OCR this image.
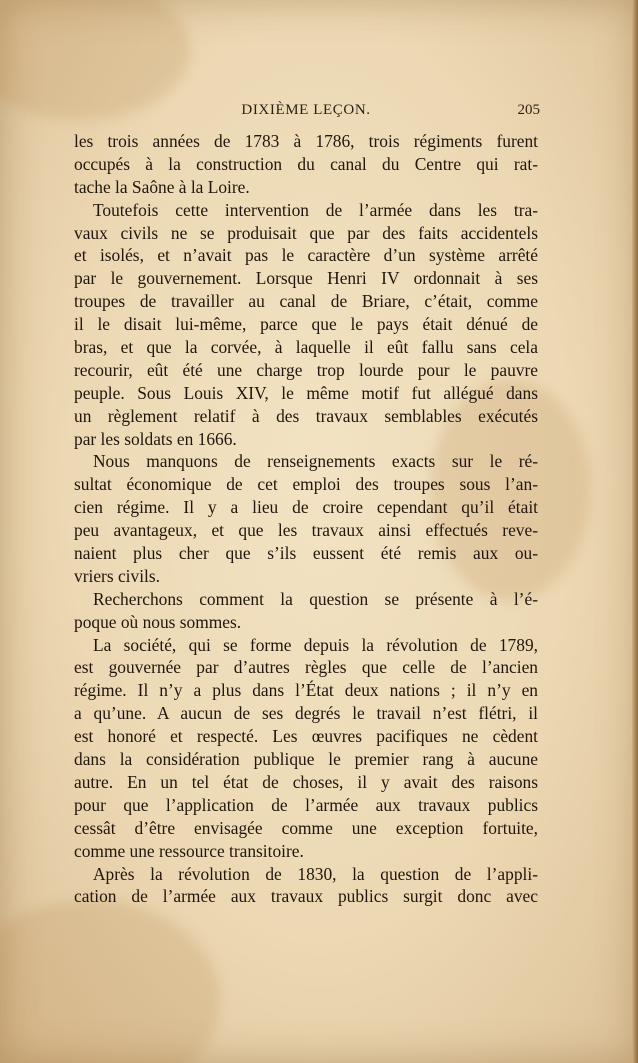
DIXIÈME LEÇON.	205
les trois années de 1783 à 1786, trois régiments furent
occupés à la construction du canal du Centre qui rat-
tache la Saône à la Loire.
Toutefois cette intervention de l’armée dans les tra-
vaux civils ne se produisait que par des faits accidentels
et isolés, et n’avait pas le caractère d’un système arrêté
par le gouvernement. Lorsque Henri IV ordonnait à ses
troupes de travailler au canal de Briare, c’était, comme
il le disait lui-même, parce que le pays était dénué de
bras, et que la corvée, à laquelle il eût fallu sans cela
recourir, eût été une charge trop lourde pour le pauvre
peuple. Sous Louis XIV, le même motif fut allégué dans
un règlement relatif à des travaux semblables exécutés
par les soldats en 1666.
Nous manquons de renseignements exacts sur le ré-
sultat économique de cet emploi des troupes sous l’an-
cien régime. Il y a lieu de croire cependant qu’il était
peu avantageux, et que les travaux ainsi effectués reve-
naient plus cher que s’ils eussent été remis aux ou-
vriers civils.
Recherchons comment la question se présente à l’é-
poque où nous sommes.
La société, qui se forme depuis la révolution de 1789,
est gouvernée par d’autres règles que celle de l’ancien
régime. Il n’y a plus dans l’État deux nations ; il n’y en
a qu’une. A aucun de ses degrés le travail n’est flétri, il
est honoré et respecté. Les œuvres pacifiques ne cèdent
dans la considération publique le premier rang à aucune
autre. En un tel état de choses, il y avait des raisons
pour que l’application de l’armée aux travaux publics
cessât d’être envisagée comme une exception fortuite,
comme une ressource transitoire.
Après la révolution de 1830, la question de l’appli-
cation de l’armée aux travaux publics surgit donc avec
